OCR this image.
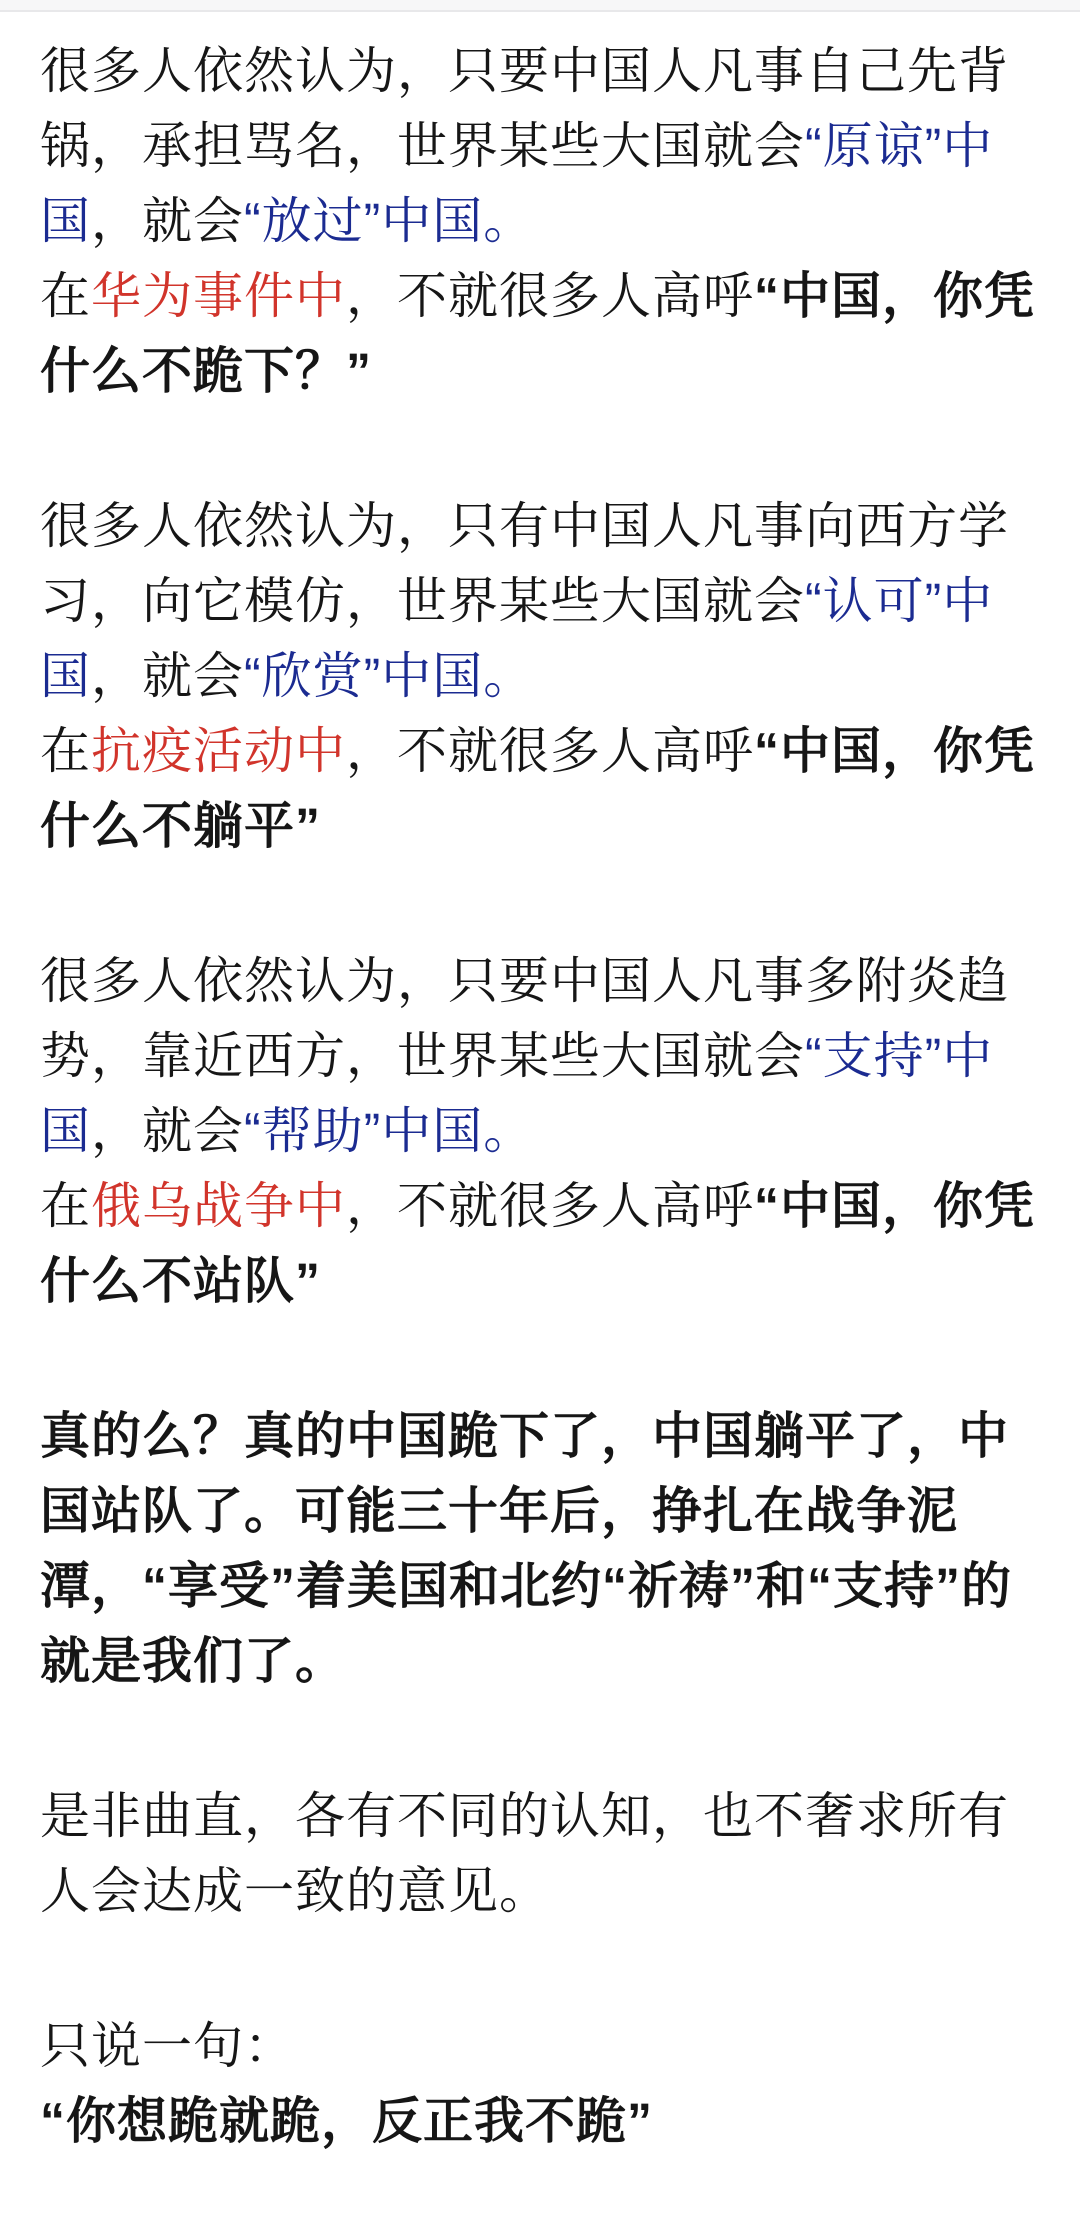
很多人依然认为，只要中国人凡事自己先背锅，承担骂名，世界某些大国就会“原谅”中国，就会“放过”中国。

在华为事件中，不就很多人高呼“中国，你凭什么不跪下？”

很多人依然认为，只有中国人凡事向西方学习，向它模仿，世界某些大国就会“认可”中国，就会“欣赏”中国。

在抗疫活动中，不就很多人高呼“中国，你凭什么不躺平”

很多人依然认为，只要中国人凡事多附炎趋势，靠近西方，世界某些大国就会“支持”中国，就会“帮助”中国。

在俄乌战争中，不就很多人高呼“中国，你凭什么不站队”

真的么？真的中国跪下了，中国躺平了，中国站队了。可能三十年后，挣扎在战争泥潭，“享受”着美国和北约“祈祷”和“支持”的就是我们了。

是非曲直，各有不同的认知，也不奢求所有人会达成一致的意见。

只说一句：

“你想跪就跪，反正我不跪”
